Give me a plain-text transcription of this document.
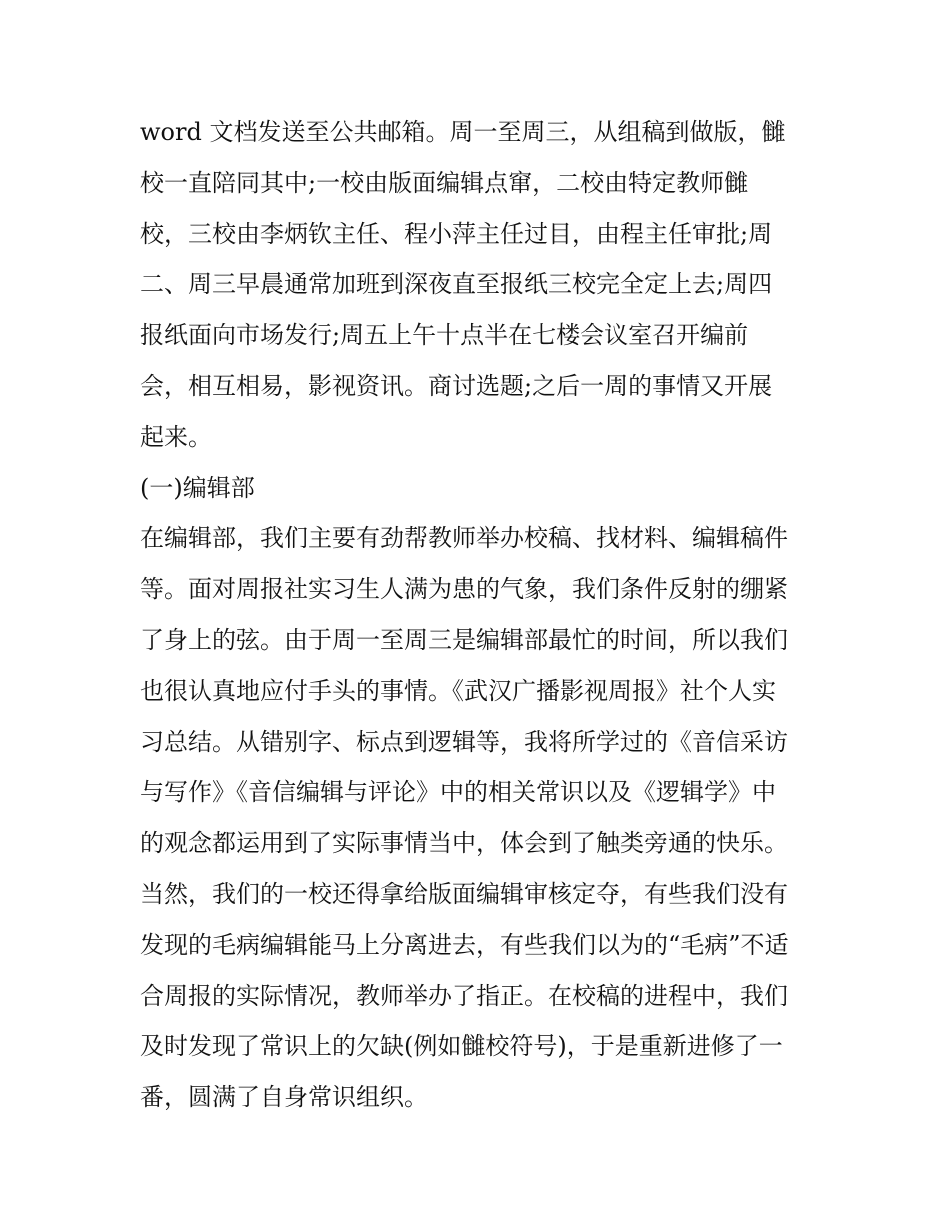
word 文档发送至公共邮箱。周一至周三，从组稿到做版，雠
校一直陪同其中;一校由版面编辑点窜，二校由特定教师雠
校，三校由李炳钦主任、程小萍主任过目，由程主任审批;周
二、周三早晨通常加班到深夜直至报纸三校完全定上去;周四
报纸面向市场发行;周五上午十点半在七楼会议室召开编前
会，相互相易，影视资讯。商讨选题;之后一周的事情又开展
起来。
(一)编辑部
在编辑部，我们主要有劲帮教师举办校稿、找材料、编辑稿件
等。面对周报社实习生人满为患的气象，我们条件反射的绷紧
了身上的弦。由于周一至周三是编辑部最忙的时间，所以我们
也很认真地应付手头的事情。《武汉广播影视周报》社个人实
习总结。从错别字、标点到逻辑等，我将所学过的《音信采访
与写作》《音信编辑与评论》中的相关常识以及《逻辑学》中
的观念都运用到了实际事情当中，体会到了触类旁通的快乐。
当然，我们的一校还得拿给版面编辑审核定夺，有些我们没有
发现的毛病编辑能马上分离进去，有些我们以为的“毛病”不适
合周报的实际情况，教师举办了指正。在校稿的进程中，我们
及时发现了常识上的欠缺(例如雠校符号)，于是重新进修了一
番，圆满了自身常识组织。
